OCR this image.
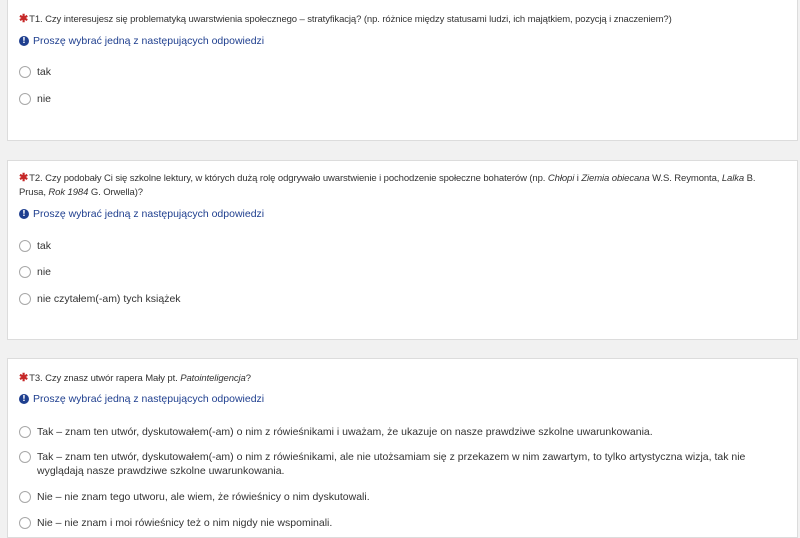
✱T1. Czy interesujesz się problematyką uwarstwienia społecznego – stratyfikacją? (np. różnice między statusami ludzi, ich majątkiem, pozycją i znaczeniem?)
! Proszę wybrać jedną z następujących odpowiedzi
tak
nie
✱T2. Czy podobały Ci się szkolne lektury, w których dużą rolę odgrywało uwarstwienie i pochodzenie społeczne bohaterów (np. Chłopi i Ziemia obiecana W.S. Reymonta, Lalka B. Prusa, Rok 1984 G. Orwella)?
! Proszę wybrać jedną z następujących odpowiedzi
tak
nie
nie czytałem(-am) tych książek
✱T3. Czy znasz utwór rapera Mały pt. Patointeligencja?
! Proszę wybrać jedną z następujących odpowiedzi
Tak – znam ten utwór, dyskutowałem(-am) o nim z rówieśnikami i uważam, że ukazuje on nasze prawdziwe szkolne uwarunkowania.
Tak – znam ten utwór, dyskutowałem(-am) o nim z rówieśnikami, ale nie utożsamiam się z przekazem w nim zawartym, to tylko artystyczna wizja, tak nie wyglądają nasze prawdziwe szkolne uwarunkowania.
Nie – nie znam tego utworu, ale wiem, że rówieśnicy o nim dyskutowali.
Nie – nie znam i moi rówieśnicy też o nim nigdy nie wspominali.
